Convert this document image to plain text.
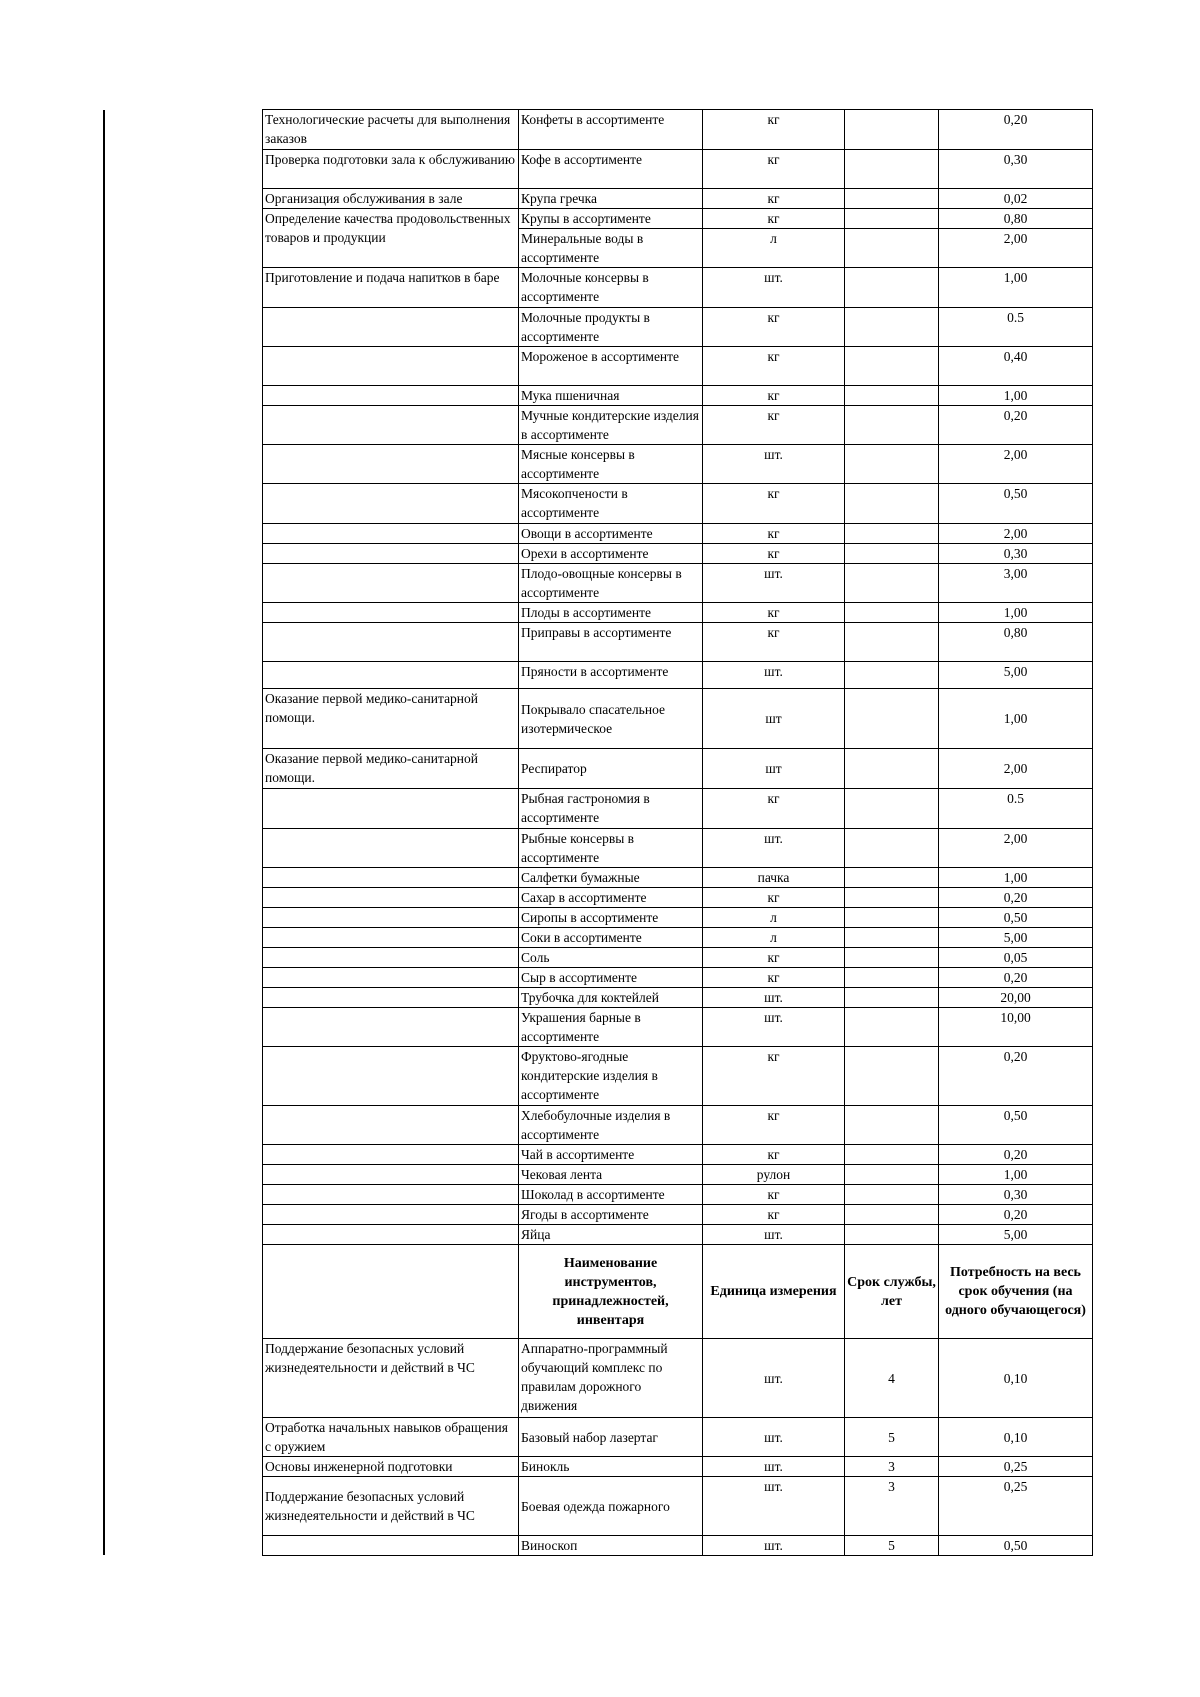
Технологические расчеты для выполнения заказов	Конфеты в ассортименте	кг		0,20
Проверка подготовки зала к обслуживанию	Кофе в ассортименте	кг		0,30
Организация обслуживания в зале	Крупа гречка	кг		0,02
Определение качества продовольственных товаров и продукции	Крупы в ассортименте	кг		0,80
	Минеральные воды в ассортименте	л		2,00
Приготовление и подача напитков в баре	Молочные консервы в ассортименте	шт.		1,00
	Молочные продукты в ассортименте	кг		0.5
	Мороженое в ассортименте	кг		0,40
	Мука пшеничная	кг		1,00
	Мучные кондитерские изделия в ассортименте	кг		0,20
	Мясные консервы в ассортименте	шт.		2,00
	Мясокопчености в ассортименте	кг		0,50
	Овощи в ассортименте	кг		2,00
	Орехи в ассортименте	кг		0,30
	Плодо-овощные консервы в ассортименте	шт.		3,00
	Плоды в ассортименте	кг		1,00
	Приправы в ассортименте	кг		0,80
	Пряности в ассортименте	шт.		5,00
Оказание первой медико-санитарной помощи.	Покрывало спасательное изотермическое	шт		1,00
Оказание первой медико-санитарной помощи.	Респиратор	шт		2,00
	Рыбная гастрономия в ассортименте	кг		0.5
	Рыбные консервы в ассортименте	шт.		2,00
	Салфетки бумажные	пачка		1,00
	Сахар в ассортименте	кг		0,20
	Сиропы в ассортименте	л		0,50
	Соки в ассортименте	л		5,00
	Соль	кг		0,05
	Сыр в ассортименте	кг		0,20
	Трубочка для коктейлей	шт.		20,00
	Украшения барные в ассортименте	шт.		10,00
	Фруктово-ягодные кондитерские изделия в ассортименте	кг		0,20
	Хлебобулочные изделия в ассортименте	кг		0,50
	Чай в ассортименте	кг		0,20
	Чековая лента	рулон		1,00
	Шоколад в ассортименте	кг		0,30
	Ягоды в ассортименте	кг		0,20
	Яйца	шт.		5,00
	Наименование инструментов, принадлежностей, инвентаря	Единица измерения	Срок службы, лет	Потребность на весь срок обучения (на одного обучающегося)
Поддержание безопасных условий жизнедеятельности и действий в ЧС	Аппаратно-программный обучающий комплекс по правилам дорожного движения	шт.	4	0,10
Отработка начальных навыков обращения с оружием	Базовый набор лазертаг	шт.	5	0,10
Основы инженерной подготовки	Бинокль	шт.	3	0,25
Поддержание безопасных условий жизнедеятельности и действий в ЧС	Боевая одежда пожарного	шт.	3	0,25
	Виноскоп	шт.	5	0,50
